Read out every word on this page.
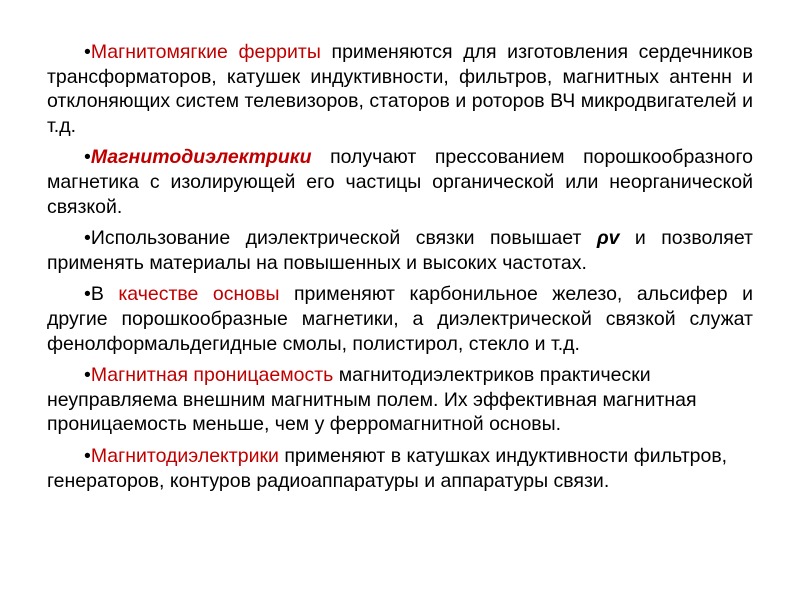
•Магнитомягкие ферриты применяются для изготовления сердечников трансформаторов, катушек индуктивности, фильтров, магнитных антенн и отклоняющих систем телевизоров, статоров и роторов ВЧ микродвигателей и т.д.

•Магнитодиэлектрики получают прессованием порошкообразного магнетика с изолирующей его частицы органической или неорганической связкой.

•Использование диэлектрической связки повышает ρv и позволяет применять материалы на повышенных и высоких частотах.

•В качестве основы применяют карбонильное железо, альсифер и другие порошкообразные магнетики, а диэлектрической связкой служат фенолформальдегидные смолы, полистирол, стекло и т.д.

•Магнитная проницаемость магнитодиэлектриков практически неуправляема внешним магнитным полем. Их эффективная магнитная проницаемость меньше, чем у ферромагнитной основы.

•Магнитодиэлектрики применяют в катушках индуктивности фильтров, генераторов, контуров радиоаппаратуры и аппаратуры связи.
